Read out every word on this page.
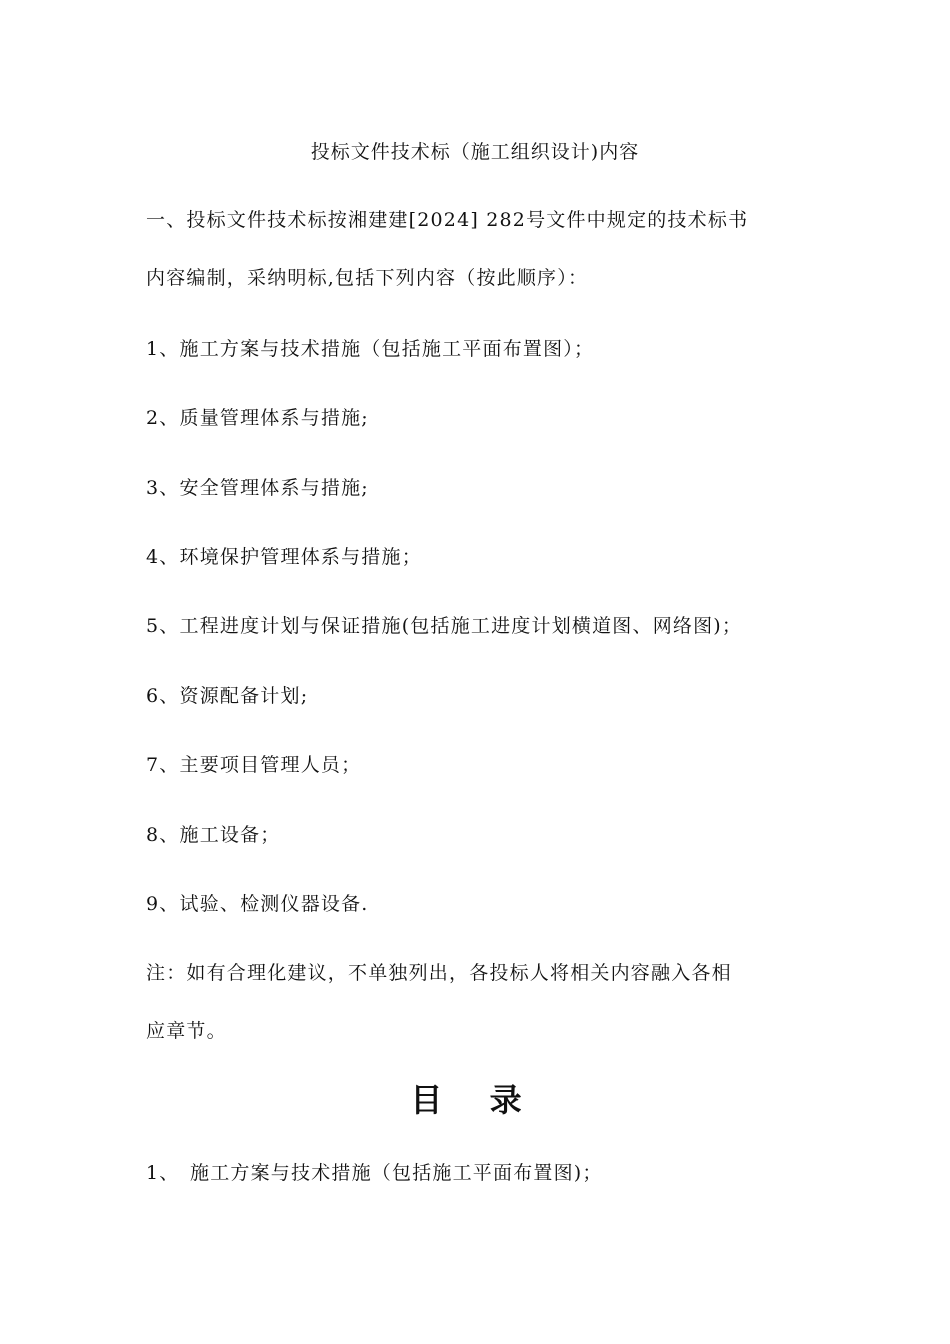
投标文件技术标（施工组织设计)内容
一、投标文件技术标按湘建建[2024] 282号文件中规定的技术标书
内容编制，采纳明标,包括下列内容（按此顺序）：
1、施工方案与技术措施（包括施工平面布置图）；
2、质量管理体系与措施;
3、安全管理体系与措施;
4、环境保护管理体系与措施；
5、工程进度计划与保证措施(包括施工进度计划横道图、网络图)；
6、资源配备计划;
7、主要项目管理人员；
8、施工设备；
9、试验、检测仪器设备.
注：如有合理化建议，不单独列出，各投标人将相关内容融入各相
应章节。
目 录
1、 施工方案与技术措施（包括施工平面布置图)；
